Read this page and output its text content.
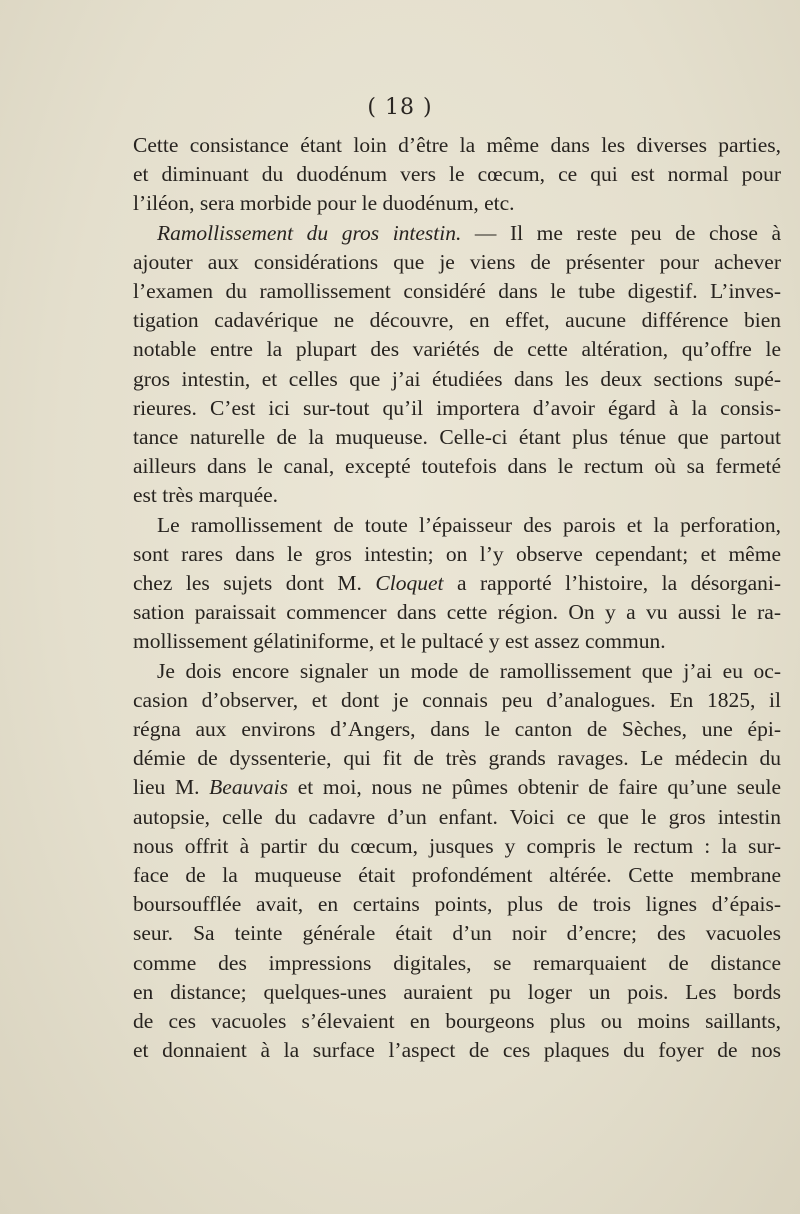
( 18 )
Cette consistance étant loin d’être la même dans les diverses parties,
et diminuant du duodénum vers le cœcum, ce qui est normal pour
l’iléon, sera morbide pour le duodénum, etc.
Ramollissement du gros intestin. — Il me reste peu de chose à
ajouter aux considérations que je viens de présenter pour achever
l’examen du ramollissement considéré dans le tube digestif. L’inves-
tigation cadavérique ne découvre, en effet, aucune différence bien
notable entre la plupart des variétés de cette altération, qu’offre le
gros intestin, et celles que j’ai étudiées dans les deux sections supé-
rieures. C’est ici sur-tout qu’il importera d’avoir égard à la consis-
tance naturelle de la muqueuse. Celle-ci étant plus ténue que partout
ailleurs dans le canal, excepté toutefois dans le rectum où sa fermeté
est très marquée.
Le ramollissement de toute l’épaisseur des parois et la perforation,
sont rares dans le gros intestin; on l’y observe cependant; et même
chez les sujets dont M. Cloquet a rapporté l’histoire, la désorgani-
sation paraissait commencer dans cette région. On y a vu aussi le ra-
mollissement gélatiniforme, et le pultacé y est assez commun.
Je dois encore signaler un mode de ramollissement que j’ai eu oc-
casion d’observer, et dont je connais peu d’analogues. En 1825, il
régna aux environs d’Angers, dans le canton de Sèches, une épi-
démie de dyssenterie, qui fit de très grands ravages. Le médecin du
lieu M. Beauvais et moi, nous ne pûmes obtenir de faire qu’une seule
autopsie, celle du cadavre d’un enfant. Voici ce que le gros intestin
nous offrit à partir du cœcum, jusques y compris le rectum : la sur-
face de la muqueuse était profondément altérée. Cette membrane
boursoufflée avait, en certains points, plus de trois lignes d’épais-
seur. Sa teinte générale était d’un noir d’encre; des vacuoles
comme des impressions digitales, se remarquaient de distance
en distance; quelques-unes auraient pu loger un pois. Les bords
de ces vacuoles s’élevaient en bourgeons plus ou moins saillants,
et donnaient à la surface l’aspect de ces plaques du foyer de nos
